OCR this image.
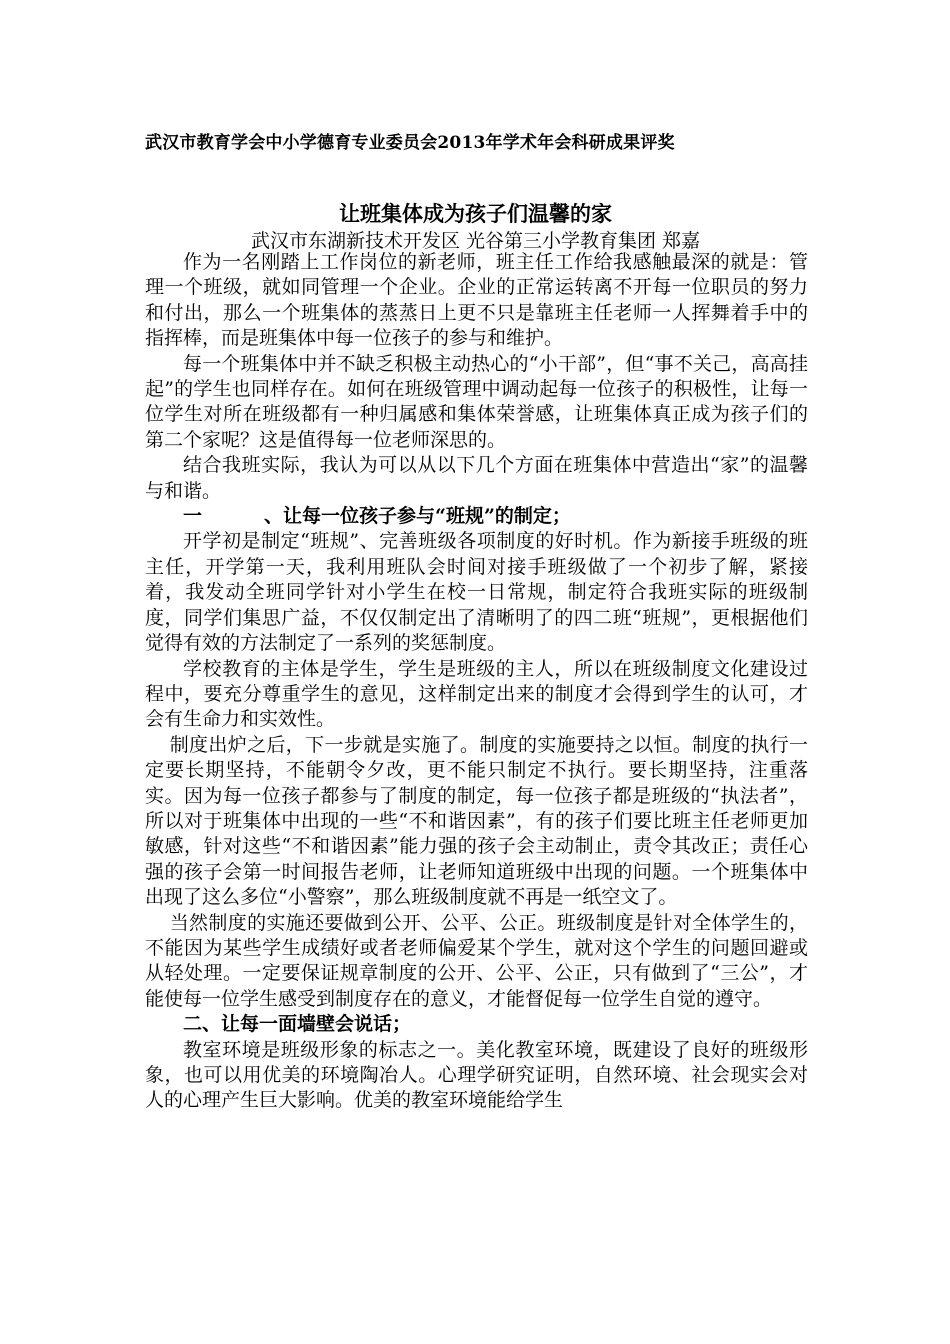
武汉市教育学会中小学德育专业委员会2013年学术年会科研成果评奖
让班集体成为孩子们温馨的家
武汉市东湖新技术开发区 光谷第三小学教育集团 郑嘉

作为一名刚踏上工作岗位的新老师，班主任工作给我感触最深的就是：管理一个班级，就如同管理一个企业。企业的正常运转离不开每一位职员的努力和付出，那么一个班集体的蒸蒸日上更不只是靠班主任老师一人挥舞着手中的指挥棒，而是班集体中每一位孩子的参与和维护。

每一个班集体中并不缺乏积极主动热心的“小干部”，但“事不关己，高高挂起”的学生也同样存在。如何在班级管理中调动起每一位孩子的积极性，让每一位学生对所在班级都有一种归属感和集体荣誉感，让班集体真正成为孩子们的第二个家呢？这是值得每一位老师深思的。

结合我班实际，我认为可以从以下几个方面在班集体中营造出“家”的温馨与和谐。

一	、让每一位孩子参与“班规”的制定；

开学初是制定“班规”、完善班级各项制度的好时机。作为新接手班级的班主任，开学第一天，我利用班队会时间对接手班级做了一个初步了解，紧接着，我发动全班同学针对小学生在校一日常规，制定符合我班实际的班级制度，同学们集思广益，不仅仅制定出了清晰明了的四二班“班规”，更根据他们觉得有效的方法制定了一系列的奖惩制度。

学校教育的主体是学生，学生是班级的主人，所以在班级制度文化建设过程中，要充分尊重学生的意见，这样制定出来的制度才会得到学生的认可，才会有生命力和实效性。

制度出炉之后，下一步就是实施了。制度的实施要持之以恒。制度的执行一定要长期坚持，不能朝令夕改，更不能只制定不执行。要长期坚持，注重落实。因为每一位孩子都参与了制度的制定，每一位孩子都是班级的“执法者”，所以对于班集体中出现的一些“不和谐因素”，有的孩子们要比班主任老师更加敏感，针对这些“不和谐因素”能力强的孩子会主动制止，责令其改正；责任心强的孩子会第一时间报告老师，让老师知道班级中出现的问题。一个班集体中出现了这么多位“小警察”，那么班级制度就不再是一纸空文了。

当然制度的实施还要做到公开、公平、公正。班级制度是针对全体学生的，不能因为某些学生成绩好或者老师偏爱某个学生，就对这个学生的问题回避或从轻处理。一定要保证规章制度的公开、公平、公正，只有做到了“三公”，才能使每一位学生感受到制度存在的意义，才能督促每一位学生自觉的遵守。

二、让每一面墙壁会说话；

教室环境是班级形象的标志之一。美化教室环境，既建设了良好的班级形象，也可以用优美的环境陶冶人。心理学研究证明，自然环境、社会现实会对人的心理产生巨大影响。优美的教室环境能给学生
